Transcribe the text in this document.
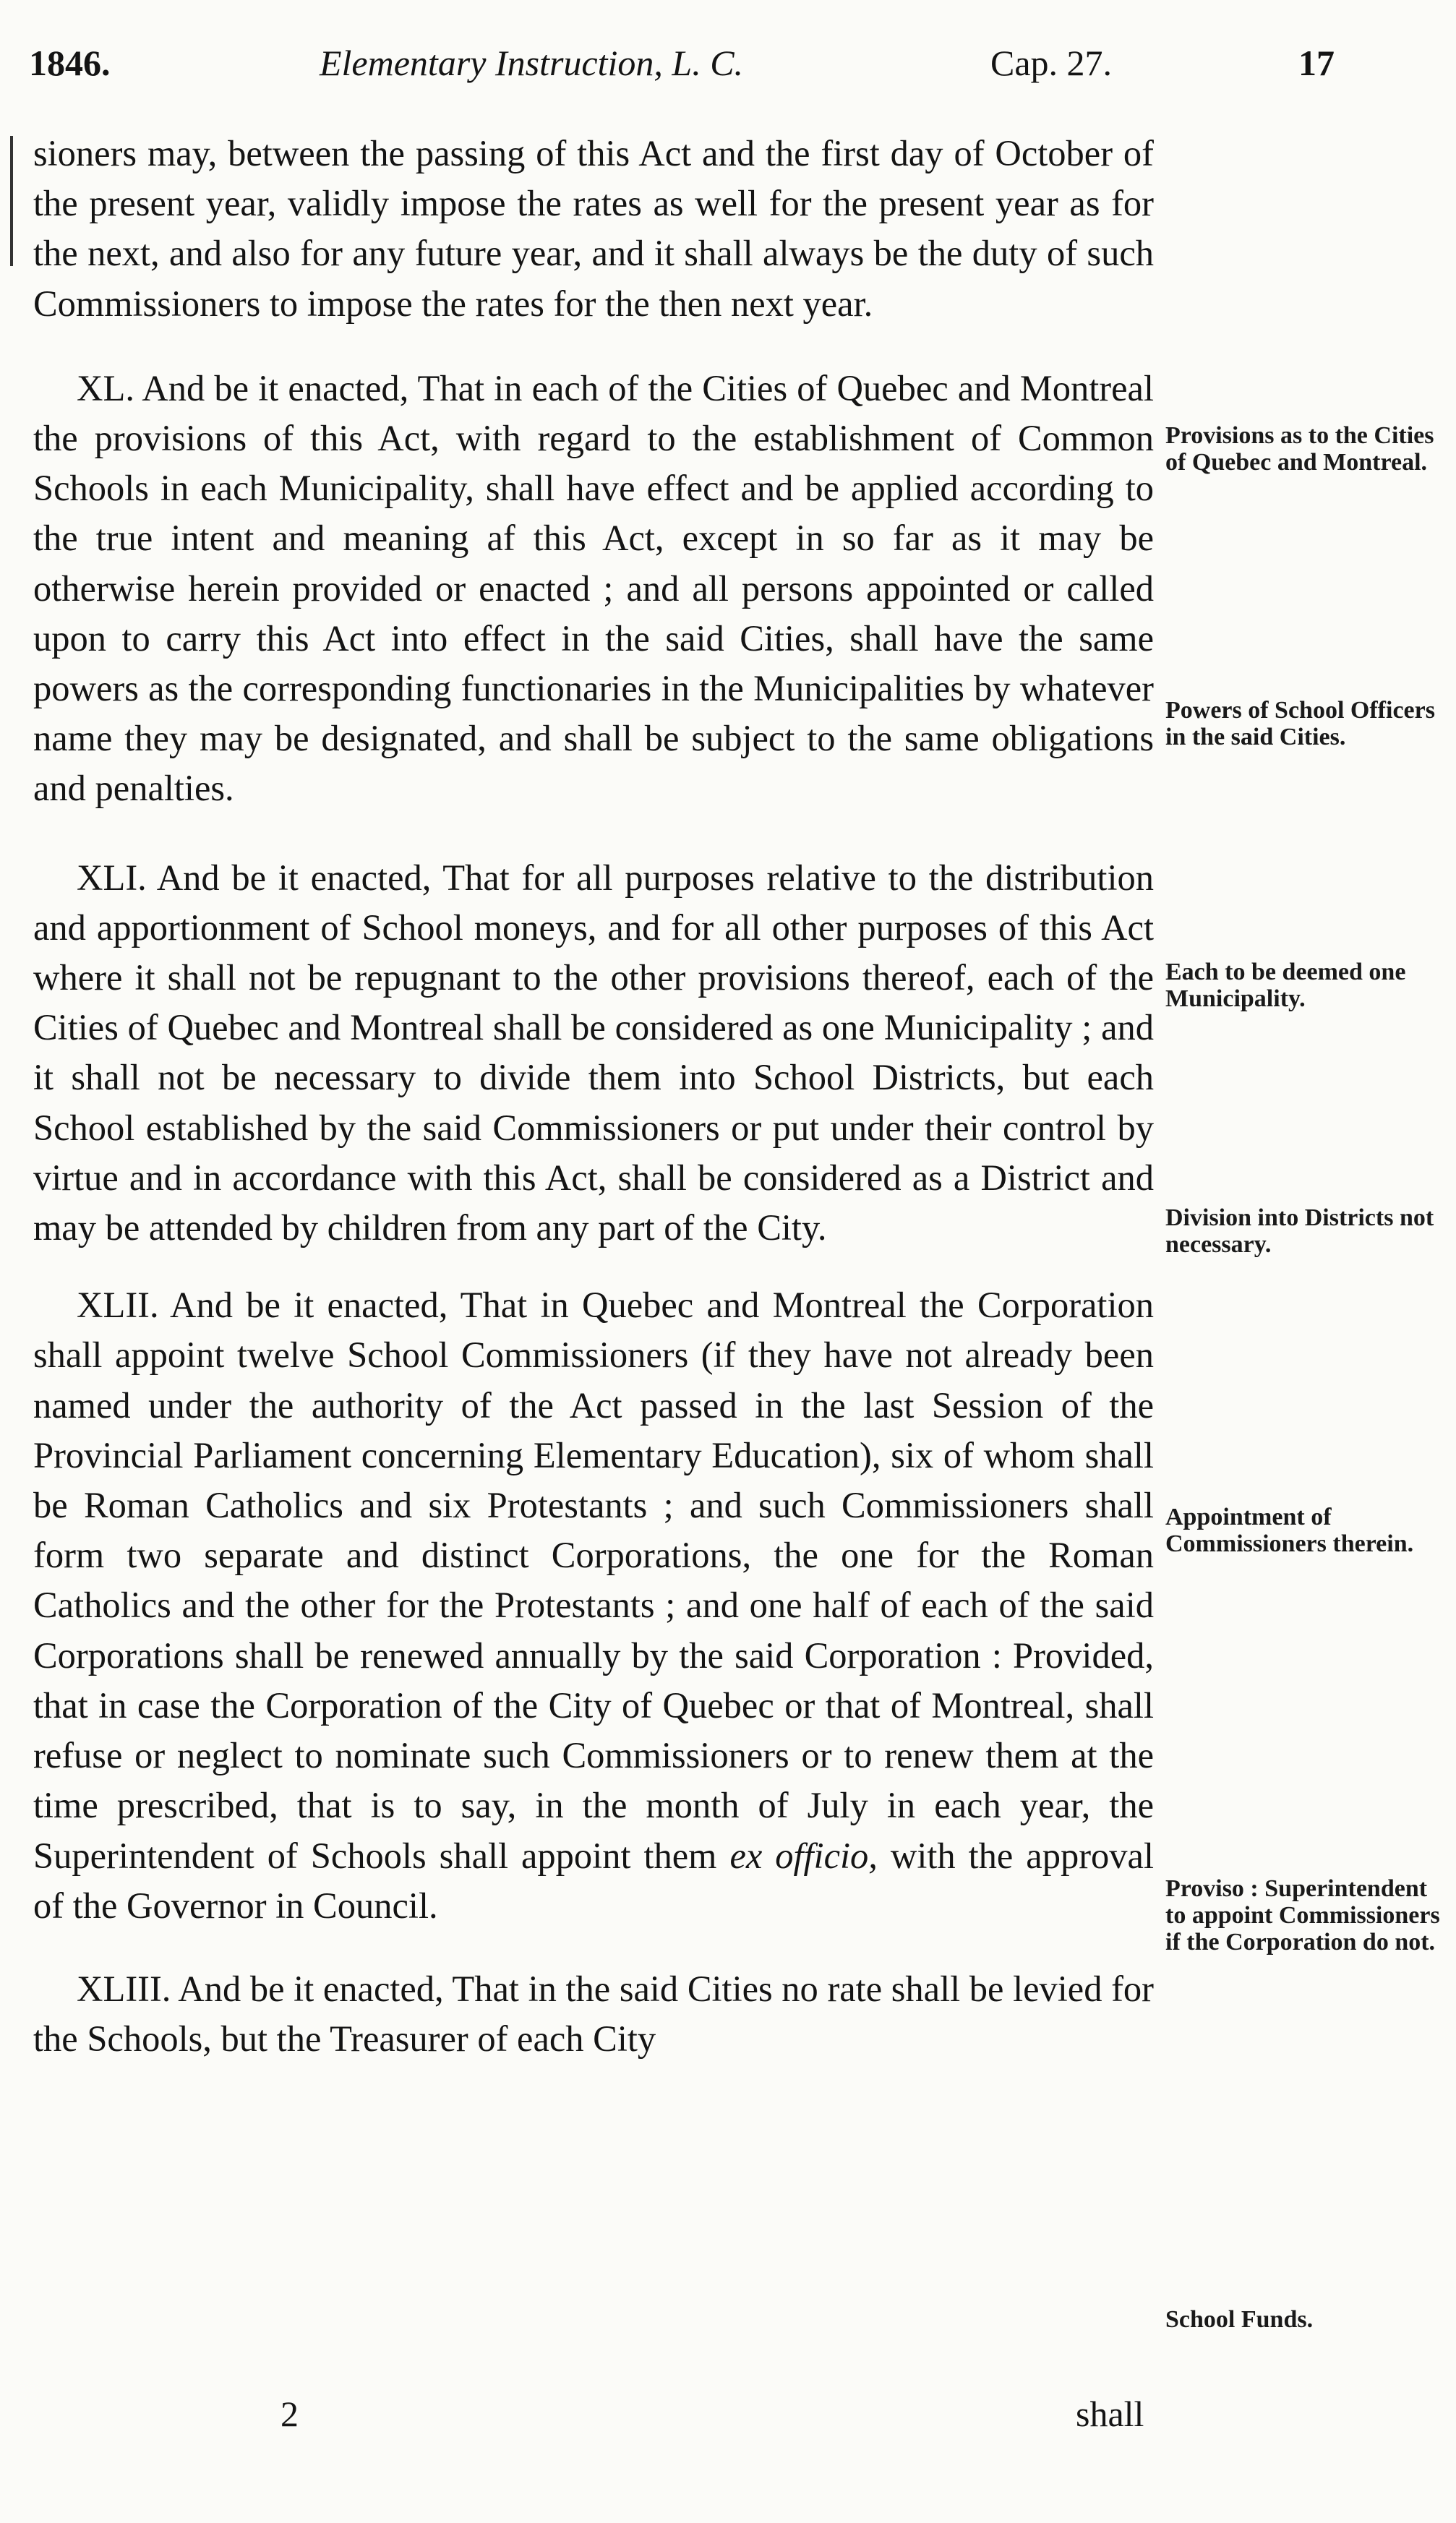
1846.	Elementary Instruction, L. C.	Cap. 27.	17

sioners may, between the passing of this Act and the first day of October of the present year, validly impose the rates as well for the present year as for the next, and also for any future year, and it shall always be the duty of such Commissioners to impose the rates for the then next year.

XL. And be it enacted, That in each of the Cities of Quebec and Montreal the provisions of this Act, with regard to the establishment of Common Schools in each Municipality, shall have effect and be applied according to the true intent and meaning af this Act, except in so far as it may be otherwise herein provided or enacted ; and all persons appointed or called upon to carry this Act into effect in the said Cities, shall have the same powers as the corresponding functionaries in the Municipalities by whatever name they may be designated, and shall be subject to the same obligations and penalties.

XLI. And be it enacted, That for all purposes relative to the distribution and apportionment of School moneys, and for all other purposes of this Act where it shall not be repugnant to the other provisions thereof, each of the Cities of Quebec and Montreal shall be considered as one Municipality ; and it shall not be necessary to divide them into School Districts, but each School established by the said Commissioners or put under their control by virtue and in accordance with this Act, shall be considered as a District and may be attended by children from any part of the City.

XLII. And be it enacted, That in Quebec and Montreal the Corporation shall appoint twelve School Commissioners (if they have not already been named under the authority of the Act passed in the last Session of the Provincial Parliament concerning Elementary Education), six of whom shall be Roman Catholics and six Protestants ; and such Commissioners shall form two separate and distinct Corporations, the one for the Roman Catholics and the other for the Protestants ; and one half of each of the said Corporations shall be renewed annually by the said Corporation : Provided, that in case the Corporation of the City of Quebec or that of Montreal, shall refuse or neglect to nominate such Commissioners or to renew them at the time prescribed, that is to say, in the month of July in each year, the Superintendent of Schools shall appoint them ex officio, with the approval of the Governor in Council.

XLIII. And be it enacted, That in the said Cities no rate shall be levied for the Schools, but the Treasurer of each City

Provisions as to the Cities of Quebec and Montreal.
Powers of School Officers in the said Cities.
Each to be deemed one Municipality.
Division into Districts not necessary.
Appointment of Commissioners therein.
Proviso : Superintendent to appoint Commissioners if the Corporation do not.
School Funds.
2	shall
